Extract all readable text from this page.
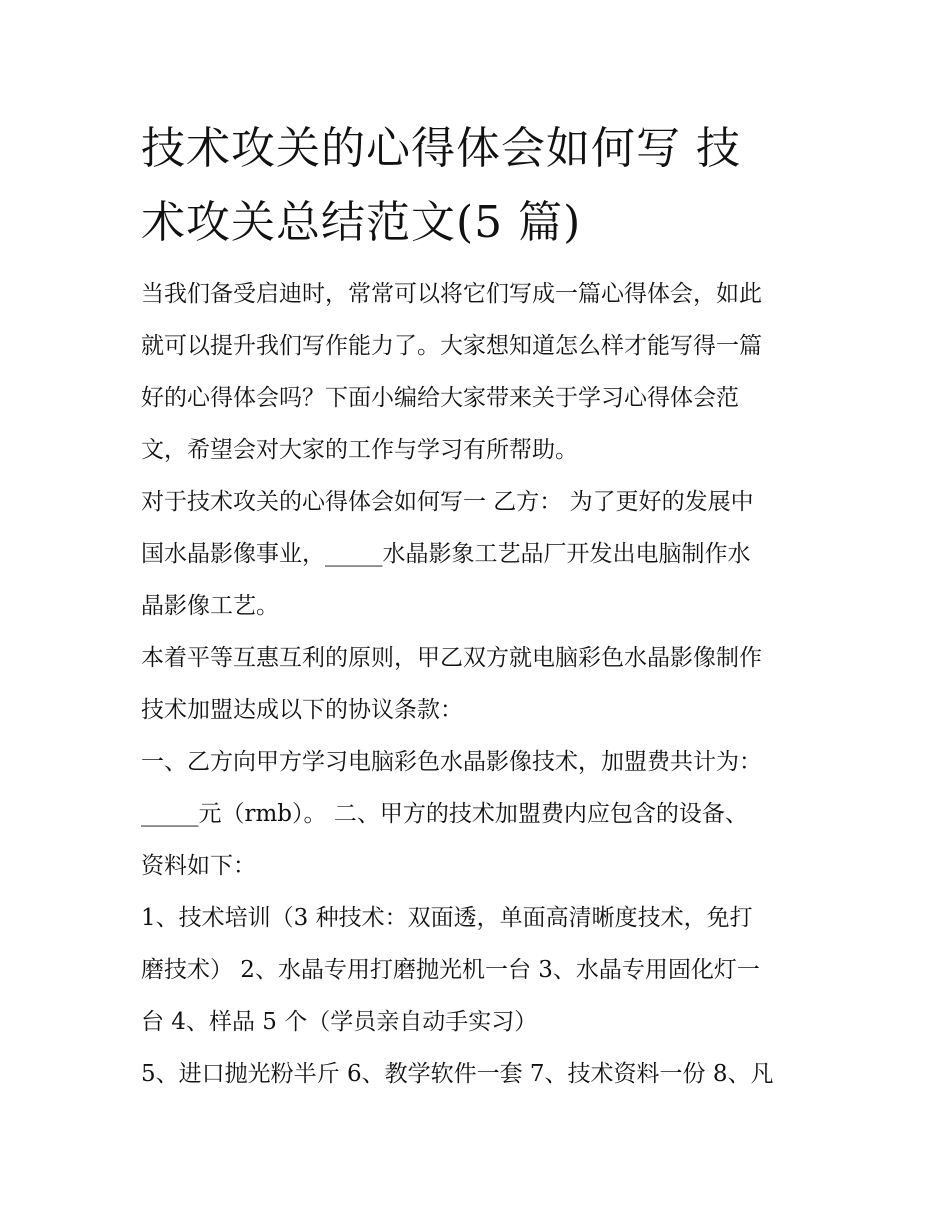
技术攻关的心得体会如何写 技
术攻关总结范文(5 篇)

当我们备受启迪时，常常可以将它们写成一篇心得体会，如此
就可以提升我们写作能力了。大家想知道怎么样才能写得一篇
好的心得体会吗？下面小编给大家带来关于学习心得体会范
文，希望会对大家的工作与学习有所帮助。

对于技术攻关的心得体会如何写一 乙方： 为了更好的发展中
国水晶影像事业，_____水晶影象工艺品厂开发出电脑制作水
晶影像工艺。

本着平等互惠互利的原则，甲乙双方就电脑彩色水晶影像制作
技术加盟达成以下的协议条款：

一、乙方向甲方学习电脑彩色水晶影像技术，加盟费共计为：
_____元（rmb）。 二、甲方的技术加盟费内应包含的设备、
资料如下：

1、技术培训（3 种技术：双面透，单面高清晰度技术，免打
磨技术） 2、水晶专用打磨抛光机一台 3、水晶专用固化灯一
台 4、样品 5 个（学员亲自动手实习）

5、进口抛光粉半斤 6、教学软件一套 7、技术资料一份 8、凡
